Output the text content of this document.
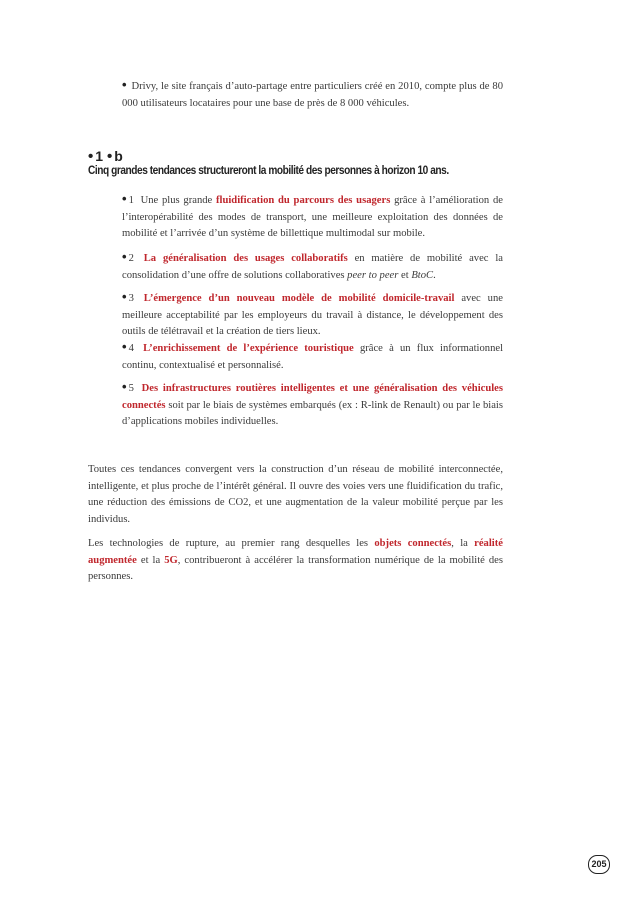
• Drivy, le site français d’auto-partage entre particuliers créé en 2010, compte plus de 80 000 utilisateurs locataires pour une base de près de 8 000 véhicules.
• 1 • b
Cinq grandes tendances structureront la mobilité des personnes à horizon 10 ans.
• 1 Une plus grande fluidification du parcours des usagers grâce à l’amélioration de l’interopérabilité des modes de transport, une meilleure exploitation des données de mobilité et l’arrivée d’un système de billettique multimodal sur mobile.
• 2 La généralisation des usages collaboratifs en matière de mobilité avec la consolidation d’une offre de solutions collaboratives peer to peer et BtoC.
• 3 L’émergence d’un nouveau modèle de mobilité domicile-travail avec une meilleure acceptabilité par les employeurs du travail à distance, le développement des outils de télétravail et la création de tiers lieux.
• 4 L’enrichissement de l’expérience touristique grâce à un flux informationnel continu, contextualisé et personnalisé.
• 5 Des infrastructures routières intelligentes et une généralisation des véhicules connectés soit par le biais de systèmes embarqués (ex : R-link de Renault) ou par le biais d’applications mobiles individuelles.
Toutes ces tendances convergent vers la construction d’un réseau de mobilité interconnectée, intelligente, et plus proche de l’intérêt général. Il ouvre des voies vers une fluidification du trafic, une réduction des émissions de CO2, et une augmentation de la valeur mobilité perçue par les individus.
Les technologies de rupture, au premier rang desquelles les objets connectés, la réalité augmentée et la 5G, contribueront à accélérer la transformation numérique de la mobilité des personnes.
205
